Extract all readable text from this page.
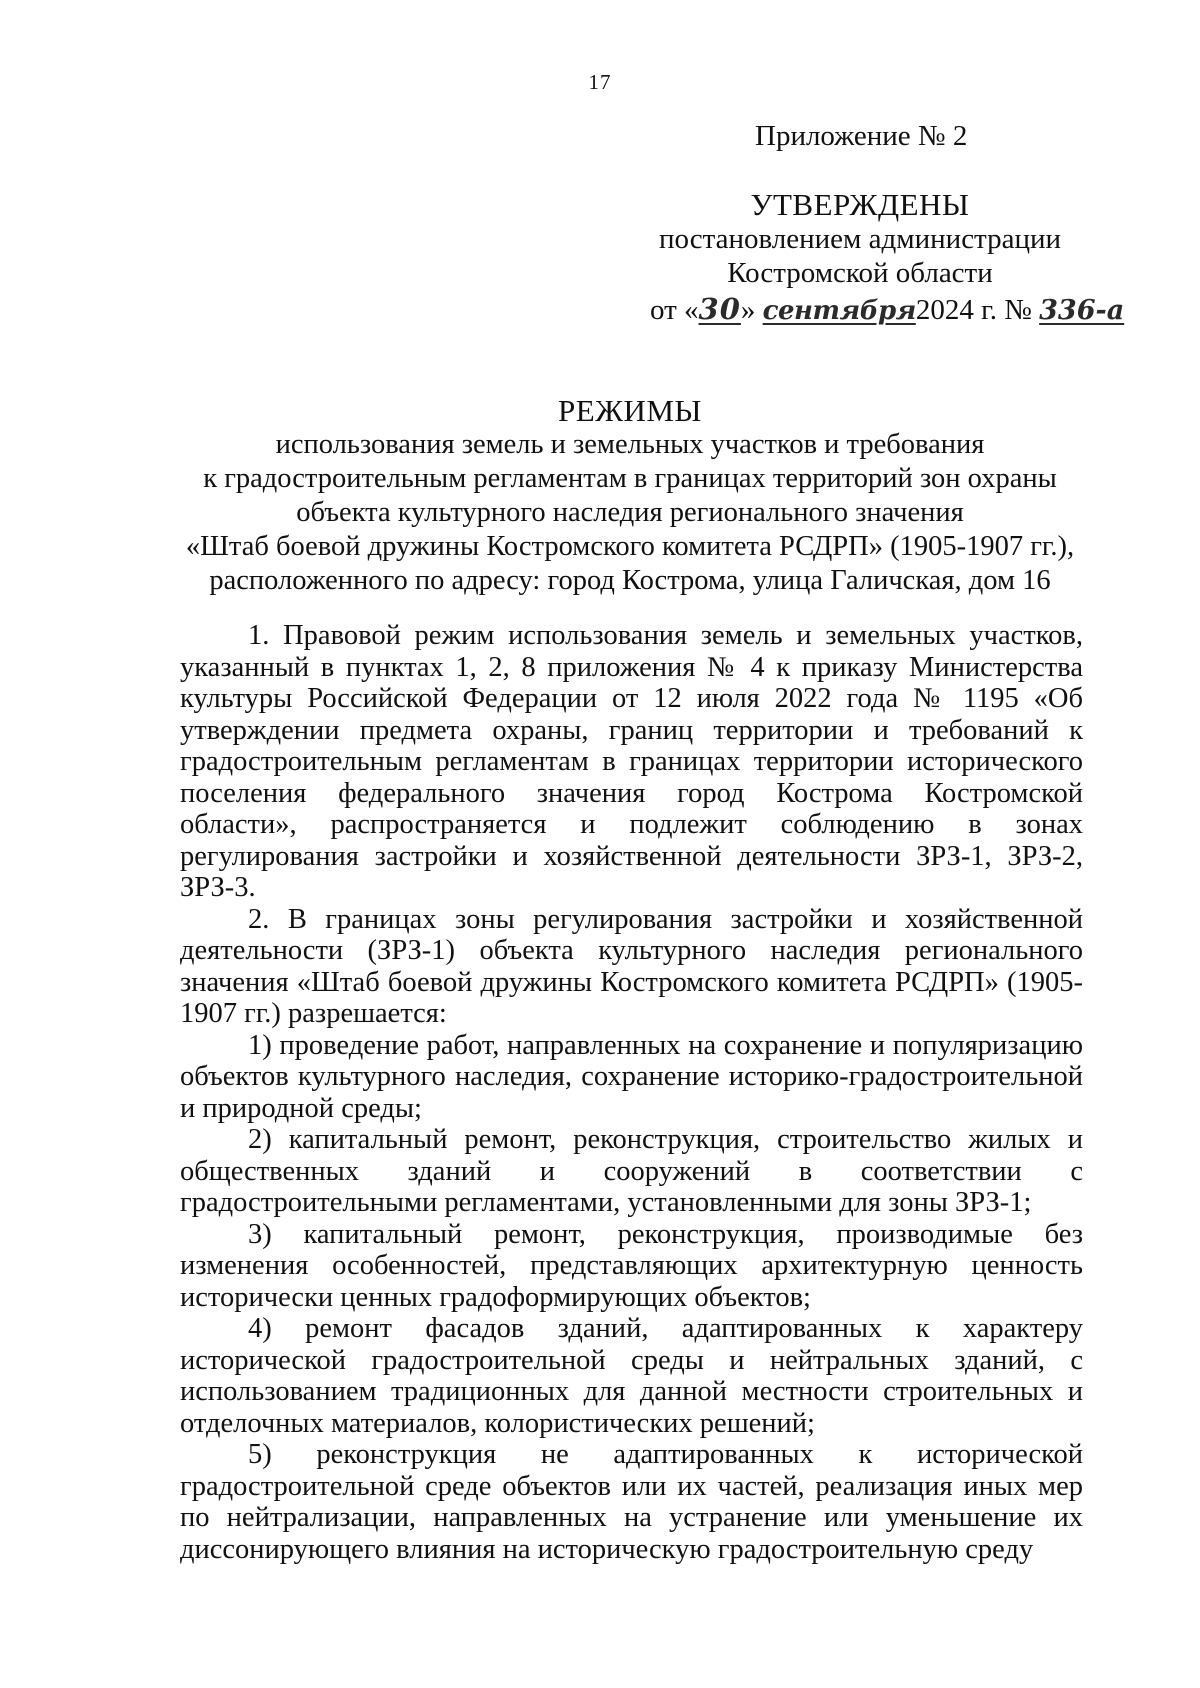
17
Приложение № 2
УТВЕРЖДЕНЫ
постановлением администрации
Костромской области
от «30» сентября2024 г. № 336-а
РЕЖИМЫ
использования земель и земельных участков и требования
к градостроительным регламентам в границах территорий зон охраны
объекта культурного наследия регионального значения
«Штаб боевой дружины Костромского комитета РСДРП» (1905-1907 гг.),
расположенного по адресу: город Кострома, улица Галичская, дом 16

1. Правовой режим использования земель и земельных участков, указанный в пунктах 1, 2, 8 приложения № 4 к приказу Министерства культуры Российской Федерации от 12 июля 2022 года № 1195 «Об утверждении предмета охраны, границ территории и требований к градостроительным регламентам в границах территории исторического поселения федерального значения город Кострома Костромской области», распространяется и подлежит соблюдению в зонах регулирования застройки и хозяйственной деятельности ЗРЗ-1, ЗРЗ-2, ЗРЗ-3.

2. В границах зоны регулирования застройки и хозяйственной деятельности (ЗРЗ-1) объекта культурного наследия регионального значения «Штаб боевой дружины Костромского комитета РСДРП» (1905-1907 гг.) разрешается:

1) проведение работ, направленных на сохранение и популяризацию объектов культурного наследия, сохранение историко-градостроительной и природной среды;

2) капитальный ремонт, реконструкция, строительство жилых и общественных зданий и сооружений в соответствии с градостроительными регламентами, установленными для зоны ЗРЗ-1;

3) капитальный ремонт, реконструкция, производимые без изменения особенностей, представляющих архитектурную ценность исторически ценных градоформирующих объектов;

4) ремонт фасадов зданий, адаптированных к характеру исторической градостроительной среды и нейтральных зданий, с использованием традиционных для данной местности строительных и отделочных материалов, колористических решений;

5) реконструкция не адаптированных к исторической градостроительной среде объектов или их частей, реализация иных мер по нейтрализации, направленных на устранение или уменьшение их диссонирующего влияния на историческую градостроительную среду
